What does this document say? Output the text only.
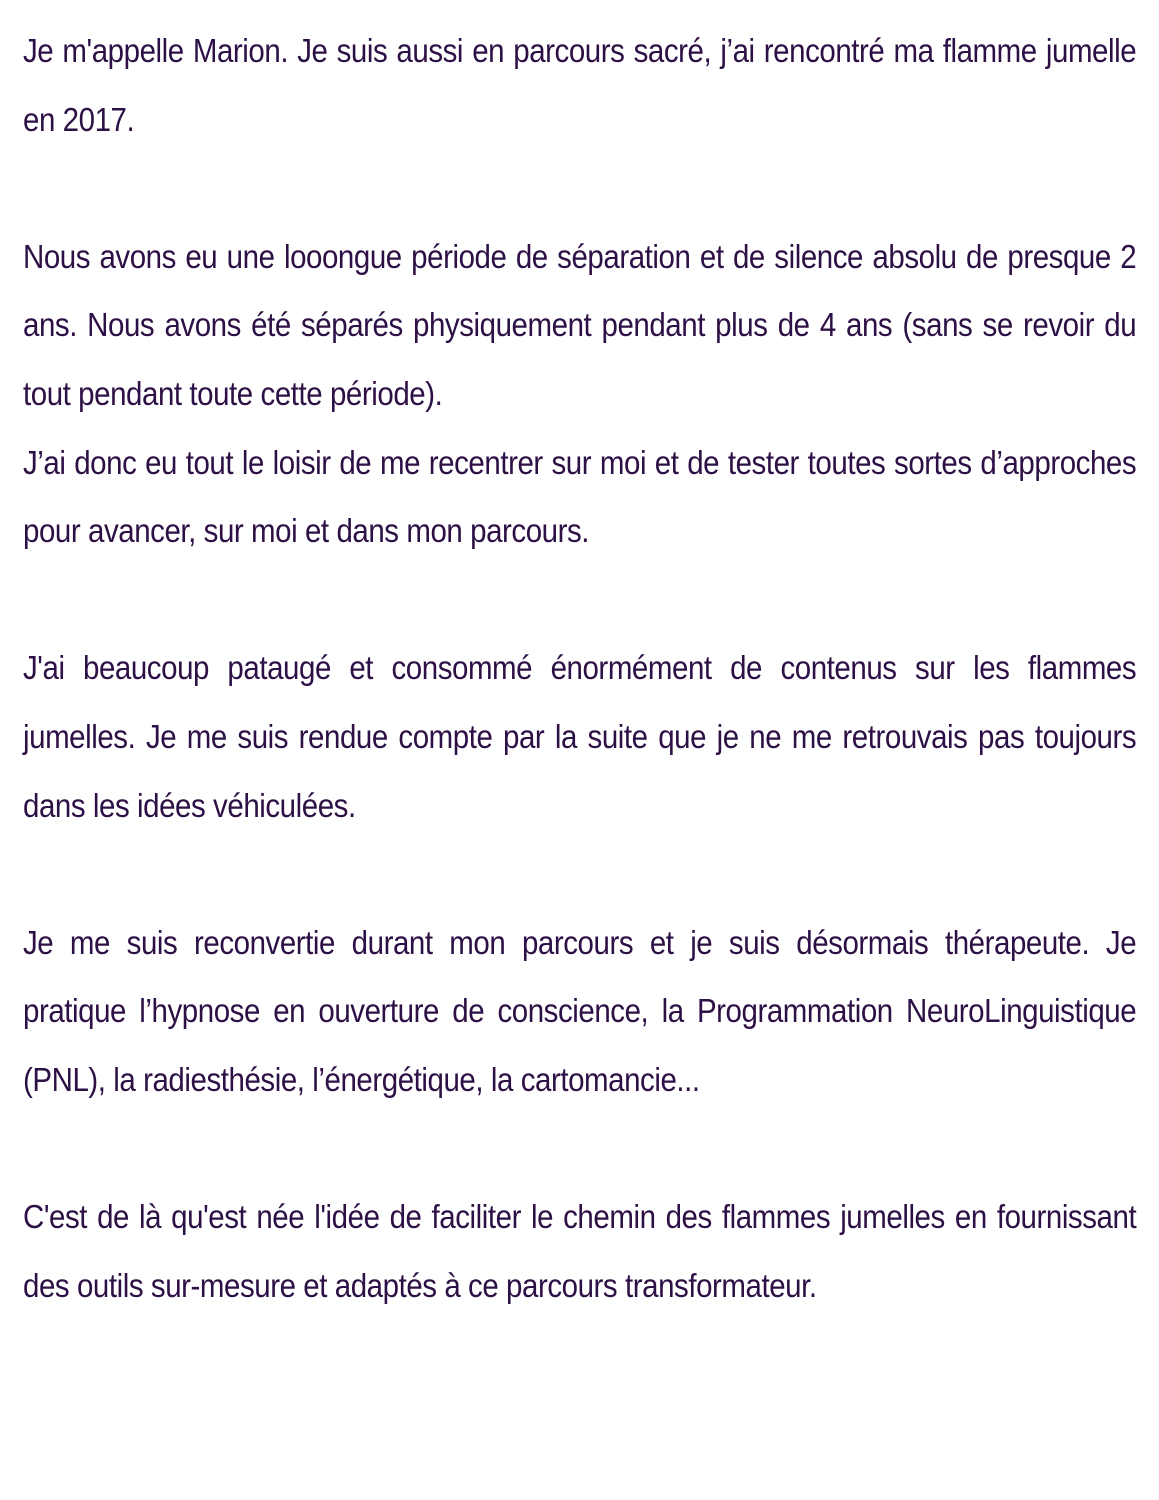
Je m'appelle Marion. Je suis aussi en parcours sacré, j’ai rencontré ma flamme jumelle en 2017.

Nous avons eu une looongue période de séparation et de silence absolu de presque 2 ans. Nous avons été séparés physiquement pendant plus de 4 ans (sans se revoir du tout pendant toute cette période).

J’ai donc eu tout le loisir de me recentrer sur moi et de tester toutes sortes d’approches pour avancer, sur moi et dans mon parcours.

J'ai beaucoup pataugé et consommé énormément de contenus sur les flammes jumelles. Je me suis rendue compte par la suite que je ne me retrouvais pas toujours dans les idées véhiculées.

Je me suis reconvertie durant mon parcours et je suis désormais thérapeute. Je pratique l’hypnose en ouverture de conscience, la Programmation NeuroLinguistique (PNL), la radiesthésie, l’énergétique, la cartomancie...

C'est de là qu'est née l'idée de faciliter le chemin des flammes jumelles en fournissant des outils sur-mesure et adaptés à ce parcours transformateur.
